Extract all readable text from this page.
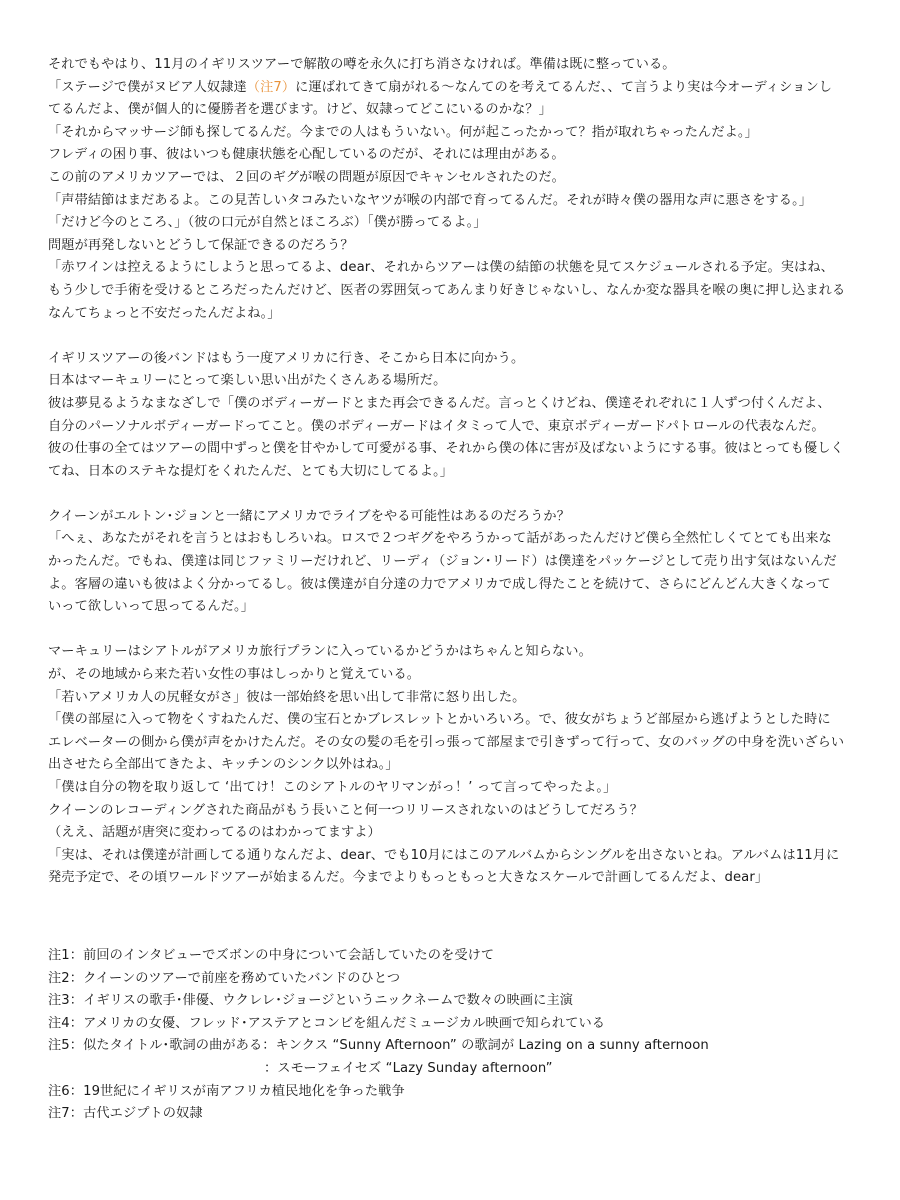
それでもやはり、11月のイギリスツアーで解散の噂を永久に打ち消さなければ。準備は既に整っている。

「ステージで僕がヌビア人奴隷達（注7）に運ばれてきて扇がれる〜なんてのを考えてるんだ、、て言うより実は今オーディションし

てるんだよ、僕が個人的に優勝者を選びます。けど、奴隷ってどこにいるのかな？」

「それからマッサージ師も探してるんだ。今までの人はもういない。何が起こったかって？指が取れちゃったんだよ。」

フレディの困り事、彼はいつも健康状態を心配しているのだが、それには理由がある。

この前のアメリカツアーでは、２回のギグが喉の問題が原因でキャンセルされたのだ。

「声帯結節はまだあるよ。この見苦しいタコみたいなヤツが喉の内部で育ってるんだ。それが時々僕の器用な声に悪さをする。」

「だけど今のところ、」（彼の口元が自然とほころぶ）「僕が勝ってるよ。」

問題が再発しないとどうして保証できるのだろう？

「赤ワインは控えるようにしようと思ってるよ、dear、それからツアーは僕の結節の状態を見てスケジュールされる予定。実はね、

もう少しで手術を受けるところだったんだけど、医者の雰囲気ってあんまり好きじゃないし、なんか変な器具を喉の奥に押し込まれる

なんてちょっと不安だったんだよね。」

イギリスツアーの後バンドはもう一度アメリカに行き、そこから日本に向かう。

日本はマーキュリーにとって楽しい思い出がたくさんある場所だ。

彼は夢見るようなまなざしで「僕のボディーガードとまた再会できるんだ。言っとくけどね、僕達それぞれに１人ずつ付くんだよ、

自分のパーソナルボディーガードってこと。僕のボディーガードはイタミって人で、東京ボディーガードパトロールの代表なんだ。

彼の仕事の全てはツアーの間中ずっと僕を甘やかして可愛がる事、それから僕の体に害が及ばないようにする事。彼はとっても優しく

てね、日本のステキな提灯をくれたんだ、とても大切にしてるよ。」

クイーンがエルトン･ジョンと一緒にアメリカでライブをやる可能性はあるのだろうか？

「へぇ、あなたがそれを言うとはおもしろいね。ロスで２つギグをやろうかって話があったんだけど僕ら全然忙しくてとても出来な

かったんだ。でもね、僕達は同じファミリーだけれど、リーディ（ジョン･リード）は僕達をパッケージとして売り出す気はないんだ

よ。客層の違いも彼はよく分かってるし。彼は僕達が自分達の力でアメリカで成し得たことを続けて、さらにどんどん大きくなって

いって欲しいって思ってるんだ。」

マーキュリーはシアトルがアメリカ旅行プランに入っているかどうかはちゃんと知らない。

が、その地域から来た若い女性の事はしっかりと覚えている。

「若いアメリカ人の尻軽女がさ」彼は一部始終を思い出して非常に怒り出した。

「僕の部屋に入って物をくすねたんだ、僕の宝石とかブレスレットとかいろいろ。で、彼女がちょうど部屋から逃げようとした時に

エレベーターの側から僕が声をかけたんだ。その女の髪の毛を引っ張って部屋まで引きずって行って、女のバッグの中身を洗いざらい

出させたら全部出てきたよ、キッチンのシンク以外はね。」

「僕は自分の物を取り返して ‘出てけ！このシアトルのヤリマンがっ！’ って言ってやったよ。」

クイーンのレコーディングされた商品がもう長いこと何一つリリースされないのはどうしてだろう？

（ええ、話題が唐突に変わってるのはわかってますよ）

「実は、それは僕達が計画してる通りなんだよ、dear、でも10月にはこのアルバムからシングルを出さないとね。アルバムは11月に

発売予定で、その頃ワールドツアーが始まるんだ。今までよりもっともっと大きなスケールで計画してるんだよ、dear」

注1：前回のインタビューでズボンの中身について会話していたのを受けて

注2：クイーンのツアーで前座を務めていたバンドのひとつ

注3：イギリスの歌手･俳優、ウクレレ･ジョージというニックネームで数々の映画に主演

注4：アメリカの女優、フレッド･アステアとコンビを組んだミュージカル映画で知られている

注5：似たタイトル･歌詞の曲がある：キンクス “Sunny Afternoon” の歌詞が Lazing on a sunny afternoon

：スモーフェイセズ “Lazy Sunday afternoon”

注6：19世紀にイギリスが南アフリカ植民地化を争った戦争

注7：古代エジプトの奴隷
